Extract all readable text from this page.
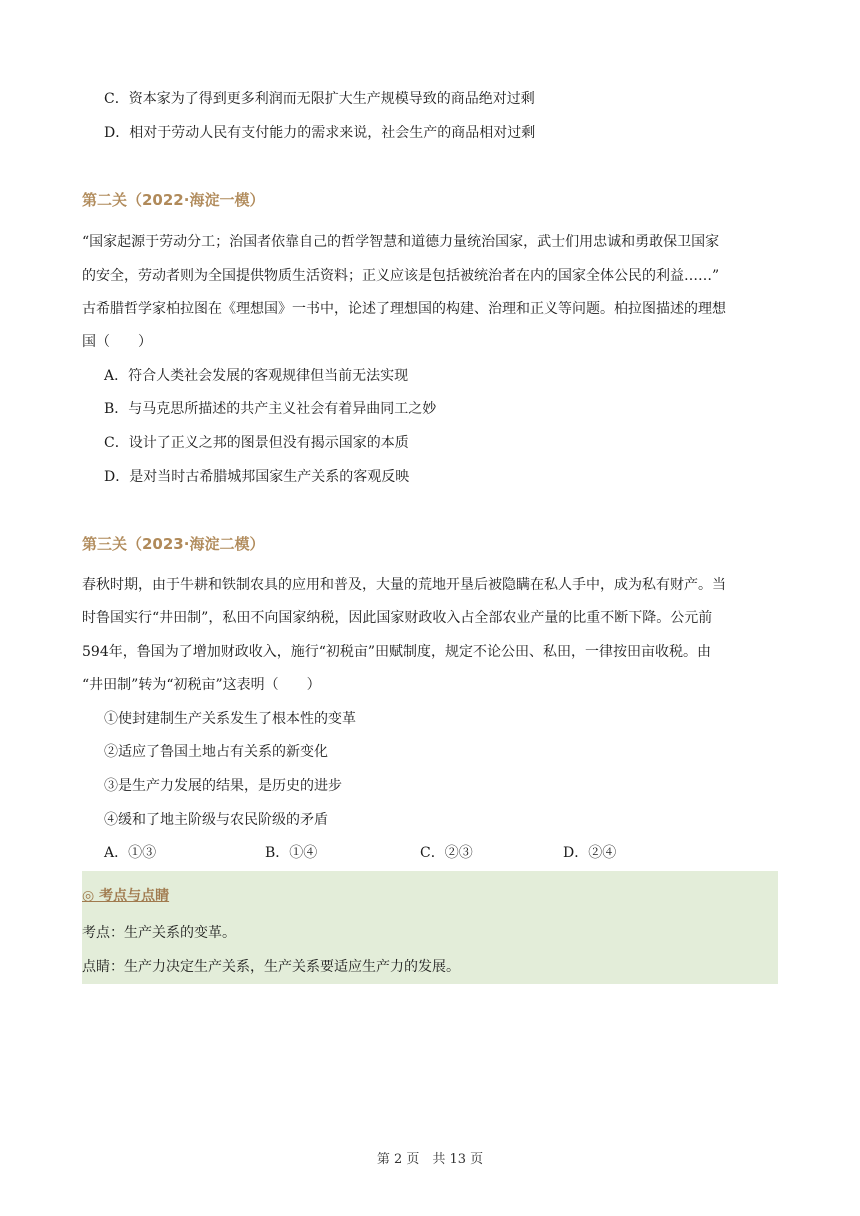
C．资本家为了得到更多利润而无限扩大生产规模导致的商品绝对过剩
D．相对于劳动人民有支付能力的需求来说，社会生产的商品相对过剩
第二关（2022·海淀一模）
“国家起源于劳动分工；治国者依靠自己的哲学智慧和道德力量统治国家，武士们用忠诚和勇敢保卫国家
的安全，劳动者则为全国提供物质生活资料；正义应该是包括被统治者在内的国家全体公民的利益……”
古希腊哲学家柏拉图在《理想国》一书中，论述了理想国的构建、治理和正义等问题。柏拉图描述的理想
国（　　）
A．符合人类社会发展的客观规律但当前无法实现
B．与马克思所描述的共产主义社会有着异曲同工之妙
C．设计了正义之邦的图景但没有揭示国家的本质
D．是对当时古希腊城邦国家生产关系的客观反映
第三关（2023·海淀二模）
春秋时期，由于牛耕和铁制农具的应用和普及，大量的荒地开垦后被隐瞒在私人手中，成为私有财产。当
时鲁国实行“井田制”，私田不向国家纳税，因此国家财政收入占全部农业产量的比重不断下降。公元前
594年，鲁国为了增加财政收入，施行“初税亩”田赋制度，规定不论公田、私田，一律按田亩收税。由
“井田制”转为“初税亩”这表明（　　）
①使封建制生产关系发生了根本性的变革
②适应了鲁国土地占有关系的新变化
③是生产力发展的结果，是历史的进步
④缓和了地主阶级与农民阶级的矛盾
A．①③	B．①④	C．②③	D．②④
◎ 考点与点睛
考点：生产关系的变革。
点睛：生产力决定生产关系，生产关系要适应生产力的发展。
第 2 页　共 13 页
